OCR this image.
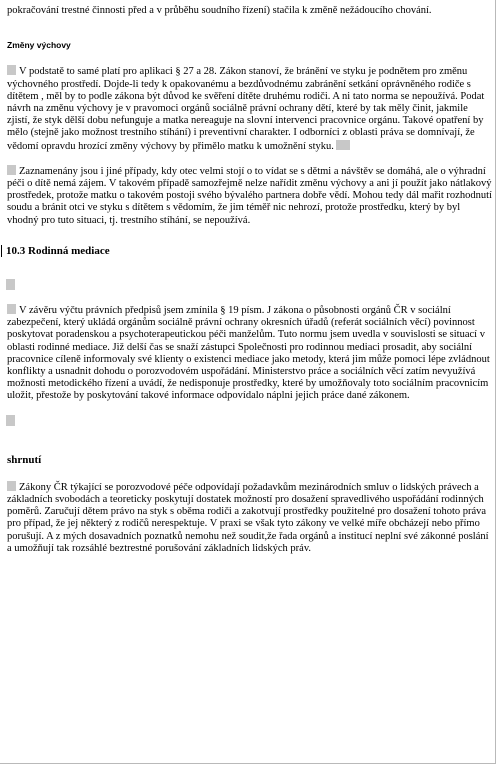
pokračování trestné činnosti před a v průběhu soudního řízení) stačila k změně nežádoucího chování.

Změny výchovy

V podstatě to samé platí pro aplikaci § 27 a 28. Zákon stanoví, že bránění ve styku je podnětem pro změnu výchovného prostředí. Dojde-li tedy k opakovanému a bezdůvodnému zabránění setkání oprávněného rodiče s dítětem , měl by to podle zákona být důvod ke svěření dítěte druhému rodiči. A ni tato norma se nepoužívá. Podat návrh na změnu výchovy je v pravomoci orgánů sociálně právní ochrany dětí, které by tak měly činit, jakmile zjistí, že styk dělší dobu nefunguje a matka nereaguje na slovní intervenci pracovnice orgánu. Takové opatření by mělo (stejně jako možnost trestního stíhání) i preventivní charakter. I odborníci z oblasti práva se domnívají, že vědomí opravdu hrozící změny výchovy by přimělo matku k umožnění styku.

Zaznamenány jsou i jiné případy, kdy otec velmi stojí o to vídat se s dětmi a návštěv se domáhá, ale o výhradní péči o dítě nemá zájem. V takovém případě samozřejmě nelze nařídit změnu výchovy a ani jí použít jako nátlakový prostředek, protože matku o takovém postoji svého bývalého partnera dobře vědí. Mohou tedy dál mařit rozhodnutí soudu a bránit otci ve styku s dítětem s vědomím, že jim téměř nic nehrozí, protože prostředku, který by byl vhodný pro tuto situaci, tj. trestního stíhání, se nepoužívá.

10.3 Rodinná mediace

V závěru výčtu právních předpisů jsem zmínila § 19 písm. J zákona o působnosti orgánů ČR v sociální zabezpečení, který ukládá orgánům sociálně právní ochrany okresních úřadů (referát sociálních věcí) povinnost poskytovat poradenskou a psychoterapeutickou péči manželům. Tuto normu jsem uvedla v souvislosti se situací v oblasti rodinné mediace. Již delší čas se snaží zástupci Společnosti pro rodinnou mediaci prosadit, aby sociální pracovnice cíleně informovaly své klienty o existenci mediace jako metody, která jim může pomoci lépe zvládnout konflikty a usnadnit dohodu o porozvodovém uspořádání. Ministerstvo práce a sociálních věcí zatím nevyužívá možnosti metodického řízení a uvádí, že nedisponuje prostředky, které by umožňovaly toto sociálním pracovnicím uložit, přestože by poskytování takové informace odpovídalo náplni jejich práce dané zákonem.

shrnutí

Zákony ČR týkající se porozvodové péče odpovídají požadavkům mezinárodních smluv o lidských právech a základních svobodách a teoreticky poskytují dostatek možností pro dosažení spravedlivého uspořádání rodinných poměrů. Zaručují dětem právo na styk s oběma rodiči a zakotvují prostředky použitelné pro dosažení tohoto práva pro případ, že jej některý z rodičů nerespektuje. V praxi se však tyto zákony ve velké míře obcházejí nebo přímo porušují. A z mých dosavadních poznatků nemohu než soudit,že řada orgánů a institucí neplní své zákonné poslání a umožňují tak rozsáhlé beztrestné porušování základních lidských práv.
